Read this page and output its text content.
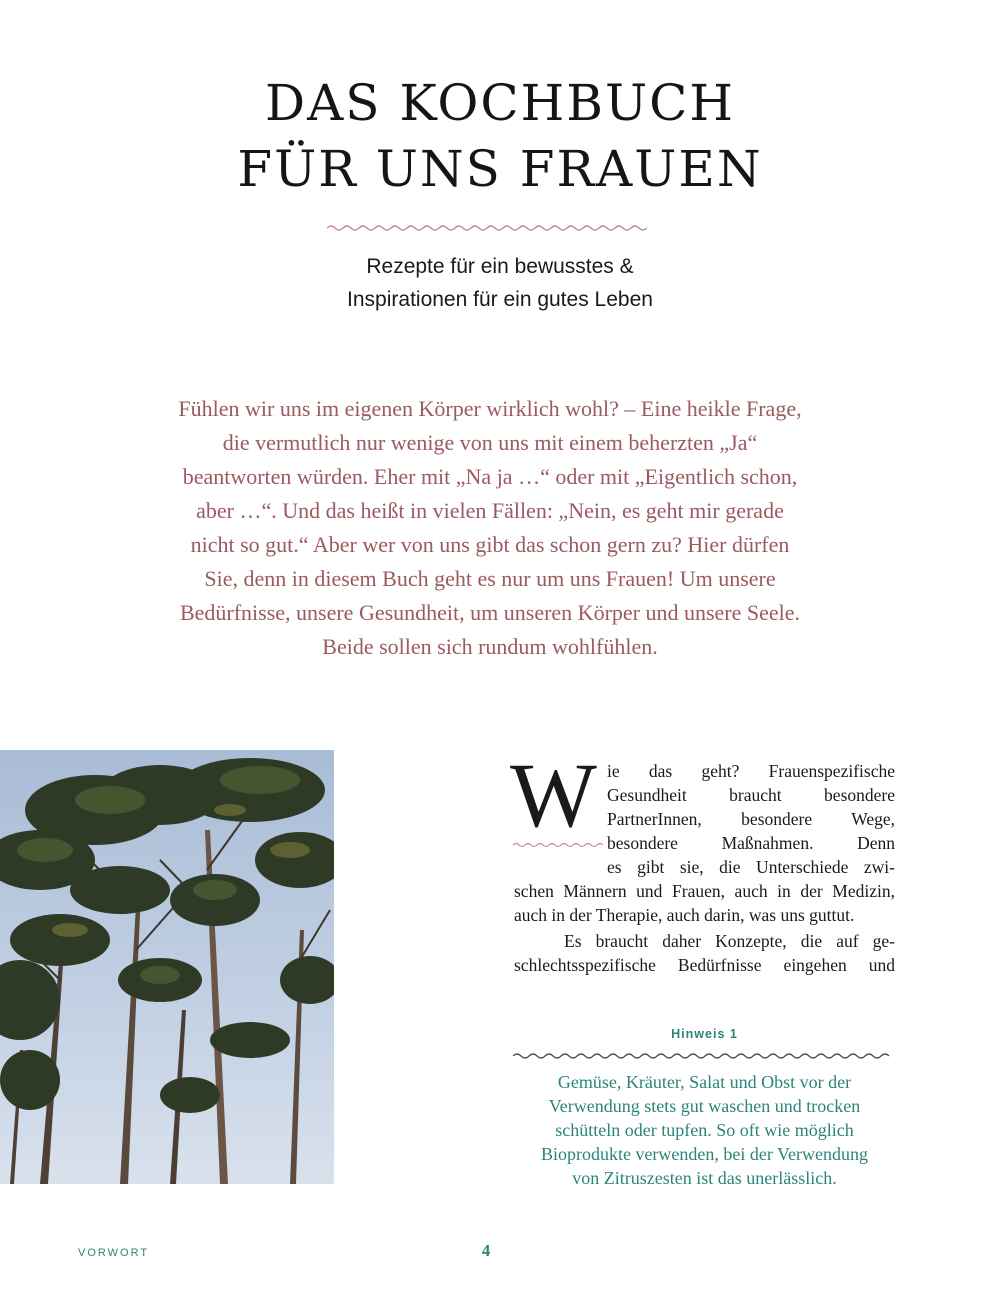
DAS KOCHBUCH
FÜR UNS FRAUEN
Rezepte für ein bewusstes &
Inspirationen für ein gutes Leben

Fühlen wir uns im eigenen Körper wirklich wohl? – Eine heikle Frage,
die vermutlich nur wenige von uns mit einem beherzten „Ja“
beantworten würden. Eher mit „Na ja …“ oder mit „Eigentlich schon,
aber …“. Und das heißt in vielen Fällen: „Nein, es geht mir gerade
nicht so gut.“ Aber wer von uns gibt das schon gern zu? Hier dürfen
Sie, denn in diesem Buch geht es nur um uns Frauen! Um unsere
Bedürfnisse, unsere Gesundheit, um unseren Körper und unsere Seele.
Beide sollen sich rundum wohlfühlen.

W ie das geht? Frauenspezifische

Gesundheit braucht besondere

PartnerInnen, besondere Wege,

besondere Maßnahmen. Denn

es gibt sie, die Unterschiede zwi-

schen Männern und Frauen, auch in der Medizin,

auch in der Therapie, auch darin, was uns guttut.

Es braucht daher Konzepte, die auf ge-

schlechtsspezifische Bedürfnisse eingehen und

Hinweis 1

Gemüse, Kräuter, Salat und Obst vor der
Verwendung stets gut waschen und trocken
schütteln oder tupfen. So oft wie möglich
Bioprodukte verwenden, bei der Verwendung
von Zitruszesten ist das unerlässlich.

VORWORT	4
